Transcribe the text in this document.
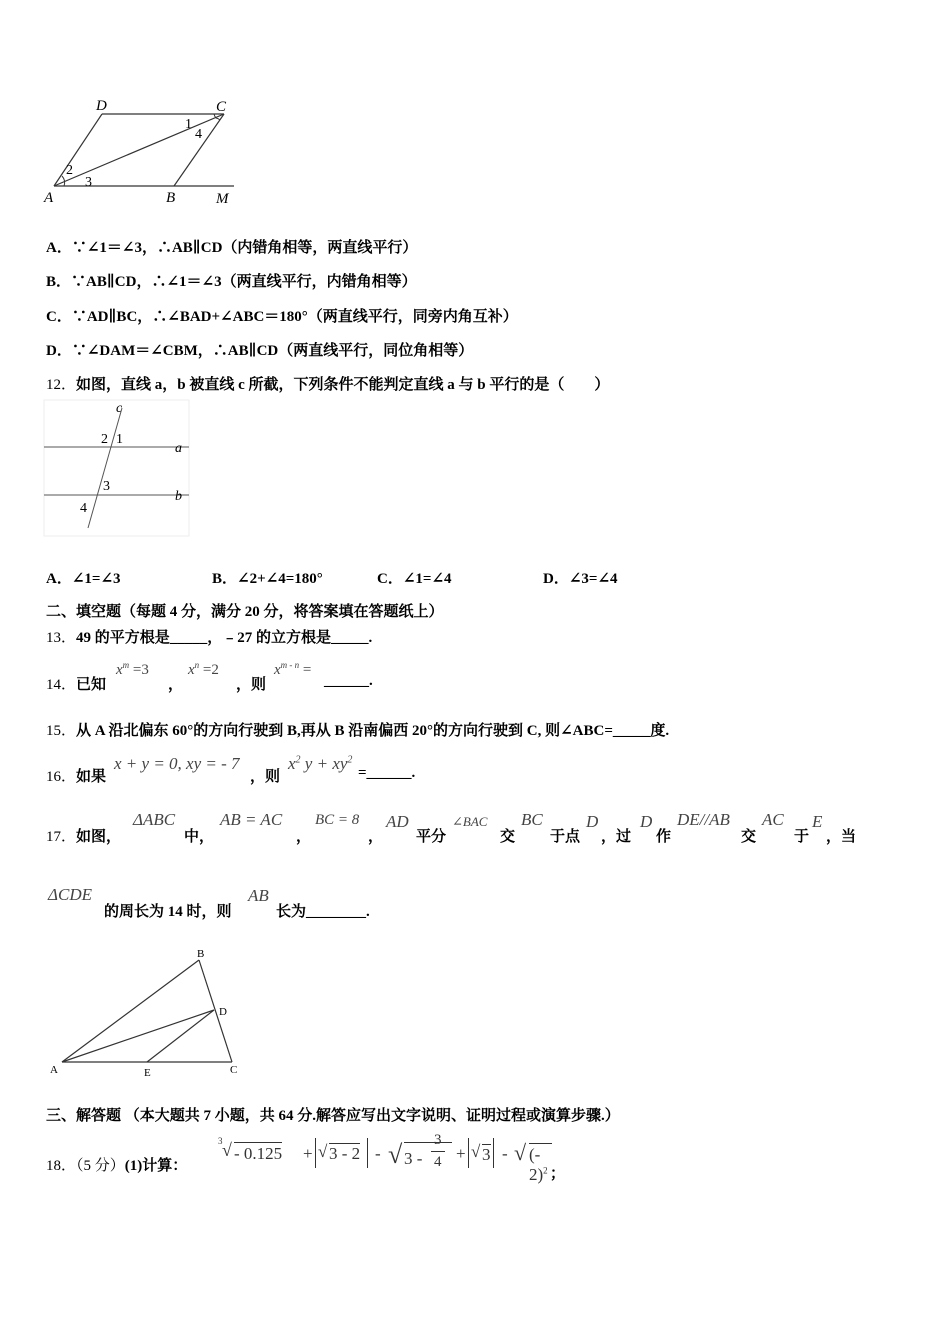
D	C
A	B	M
1
2
3
4
A．∵∠1＝∠3，∴AB∥CD（内错角相等，两直线平行）
B．∵AB∥CD，∴∠1＝∠3（两直线平行，内错角相等）
C．∵AD∥BC，∴∠BAD+∠ABC＝180°（两直线平行，同旁内角互补）
D．∵∠DAM＝∠CBM，∴AB∥CD（两直线平行，同位角相等）
12．如图，直线 a，b 被直线 c 所截，下列条件不能判定直线 a 与 b 平行的是（　　）
c
a
b
1
2
3
4
A．∠1=∠3	B．∠2+∠4=180°	C．∠1=∠4	D．∠3=∠4
二、填空题（每题 4 分，满分 20 分，将答案填在答题纸上）
13．49 的平方根是_____，﹣27 的立方根是_____.
14．已知
$x^m =3$
，
$x^n =2$
，则
$x^{m - n}$ =
______.
15．从 A 沿北偏东 60°的方向行驶到 B,再从 B 沿南偏西 20°的方向行驶到 C, 则∠ABC=_____度.
16．如果
x + y = 0, xy = - 7
，则
$x^2$ $y + xy^2$
=______.
17．如图，
ΔABC
中，
AB = AC
，
BC = 8
，
AD
平分
∠BAC
交
BC
于点
D
，过
D
作
DE//AB
交
AC
于
E
，当
ΔCDE
的周长为 14 时，则
AB
长为________.
B
D
A	E	C
三、解答题 （本大题共 7 小题，共 64 分.解答应写出文字说明、证明过程或演算步骤.）
18．（5 分）(1)计算：
3 √ - 0.125 + √ 3 - 2 - √ 3 -
3
4 + √ 3 - √ (- 2)$^2$ ；
